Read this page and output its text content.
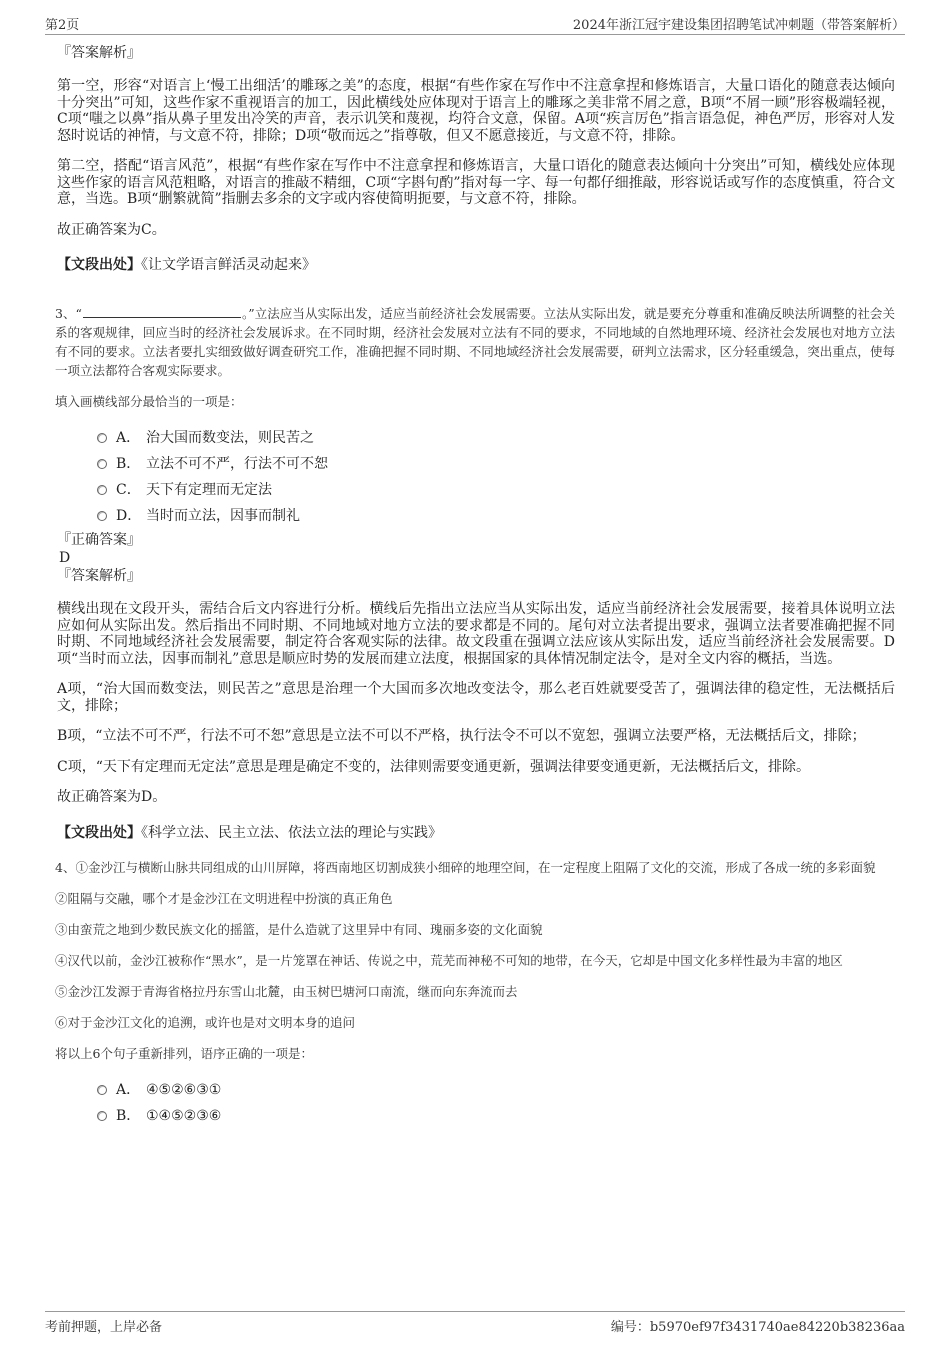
第2页	2024年浙江冠宇建设集团招聘笔试冲刺题（带答案解析）
『答案解析』

第一空，形容“对语言上‘慢工出细活’的雕琢之美”的态度，根据“有些作家在写作中不注意拿捏和修炼语言，大量口语化的随意表达倾向十分突出”可知，这些作家不重视语言的加工，因此横线处应体现对于语言上的雕琢之美非常不屑之意，B项“不屑一顾”形容极端轻视，C项“嗤之以鼻”指从鼻子里发出冷笑的声音，表示讥笑和蔑视，均符合文意，保留。A项“疾言厉色”指言语急促，神色严厉，形容对人发怒时说话的神情，与文意不符，排除；D项“敬而远之”指尊敬，但又不愿意接近，与文意不符，排除。

第二空，搭配“语言风范”，根据“有些作家在写作中不注意拿捏和修炼语言，大量口语化的随意表达倾向十分突出”可知，横线处应体现这些作家的语言风范粗略，对语言的推敲不精细，C项“字斟句酌”指对每一字、每一句都仔细推敲，形容说话或写作的态度慎重，符合文意，当选。B项“删繁就简”指删去多余的文字或内容使简明扼要，与文意不符，排除。

故正确答案为C。

【文段出处】《让文学语言鲜活灵动起来》

3、“	。”立法应当从实际出发，适应当前经济社会发展需要。立法从实际出发，就是要充分尊重和准确反映法所调整的社会关系的客观规律，回应当时的经济社会发展诉求。在不同时期，经济社会发展对立法有不同的要求，不同地域的自然地理环境、经济社会发展也对地方立法有不同的要求。立法者要扎实细致做好调查研究工作，准确把握不同时期、不同地域经济社会发展需要，研判立法需求，区分轻重缓急，突出重点，使每一项立法都符合客观实际要求。

填入画横线部分最恰当的一项是：

A． 治大国而数变法，则民苦之
B． 立法不可不严，行法不可不恕
C． 天下有定理而无定法
D． 当时而立法，因事而制礼
『正确答案』
D
『答案解析』

横线出现在文段开头，需结合后文内容进行分析。横线后先指出立法应当从实际出发，适应当前经济社会发展需要，接着具体说明立法应如何从实际出发。然后指出不同时期、不同地域对地方立法的要求都是不同的。尾句对立法者提出要求，强调立法者要准确把握不同时期、不同地域经济社会发展需要，制定符合客观实际的法律。故文段重在强调立法应该从实际出发，适应当前经济社会发展需要。D项“当时而立法，因事而制礼”意思是顺应时势的发展而建立法度，根据国家的具体情况制定法令，是对全文内容的概括，当选。

A项，“治大国而数变法，则民苦之”意思是治理一个大国而多次地改变法令，那么老百姓就要受苦了，强调法律的稳定性，无法概括后文，排除；

B项，“立法不可不严，行法不可不恕”意思是立法不可以不严格，执行法令不可以不宽恕，强调立法要严格，无法概括后文，排除；

C项，“天下有定理而无定法”意思是理是确定不变的，法律则需要变通更新，强调法律要变通更新，无法概括后文，排除。

故正确答案为D。

【文段出处】《科学立法、民主立法、依法立法的理论与实践》

4、①金沙江与横断山脉共同组成的山川屏障，将西南地区切割成狭小细碎的地理空间，在一定程度上阻隔了文化的交流，形成了各成一统的多彩面貌

②阻隔与交融，哪个才是金沙江在文明进程中扮演的真正角色

③由蛮荒之地到少数民族文化的摇篮，是什么造就了这里异中有同、瑰丽多姿的文化面貌

④汉代以前，金沙江被称作“黑水”，是一片笼罩在神话、传说之中，荒芜而神秘不可知的地带，在今天，它却是中国文化多样性最为丰富的地区

⑤金沙江发源于青海省格拉丹东雪山北麓，由玉树巴塘河口南流，继而向东奔流而去

⑥对于金沙江文化的追溯，或许也是对文明本身的追问

将以上6个句子重新排列，语序正确的一项是：

A． ④⑤②⑥③①
B． ①④⑤②③⑥
考前押题，上岸必备	编号：b5970ef97f3431740ae84220b38236aa
